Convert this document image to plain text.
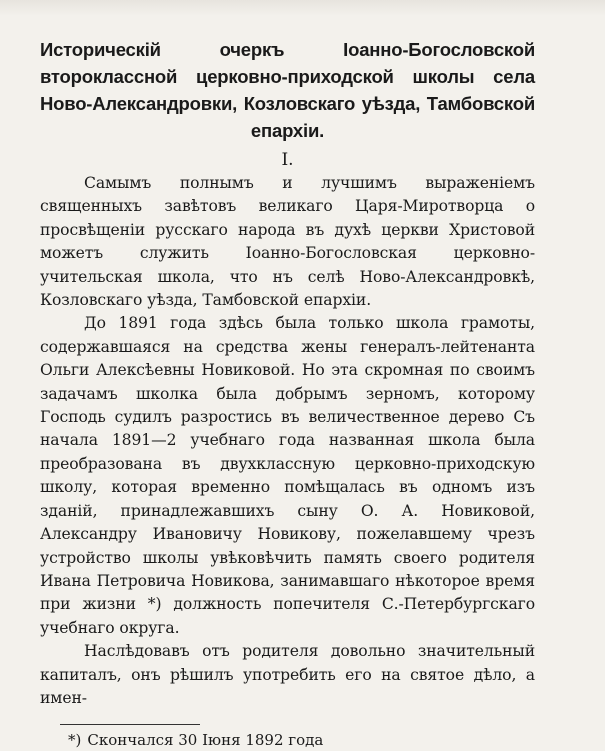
Историческiй очеркъ Iоанно-Богословской второклассной церковно-приходской школы села Ново-Александровки, Козловскаго уѣзда, Тамбовской епархiи.
I.

Самымъ полнымъ и лучшимъ выраженiемъ священныхъ завѣтовъ великаго Царя-Миротворца о просвѣщенiи русскаго народа въ духѣ церкви Христовой можетъ служить Iоанно-Богословская церковно-учительская школа, что нъ селѣ Ново-Александровкѣ, Козловскаго уѣзда, Тамбовской епархiи.

До 1891 года здѣсь была только школа грамоты, содержавшаяся на средства жены генералъ-лейтенанта Ольги Алексѣевны Новиковой. Но эта скромная по своимъ задачамъ школка была добрымъ зерномъ, которому Господь судилъ разростись въ величественное дерево Съ начала 1891—2 учебнаго года названная школа была преобразована въ двухклассную церковно-приходскую школу, которая временно помѣщалась въ одномъ изъ зданiй, принадлежавшихъ сыну О. А. Новиковой, Александру Ивановичу Новикову, пожелавшему чрезъ устройство школы увѣковѣчить память своего родителя Ивана Петровича Новикова, занимавшаго нѣкоторое время при жизни *) должность попечителя С.-Петербургскаго учебнаго округа.

Наслѣдовавъ отъ родителя довольно значительный капиталъ, онъ рѣшилъ употребить его на святое дѣло, а имен-

*) Скончался 30 Iюня 1892 года
